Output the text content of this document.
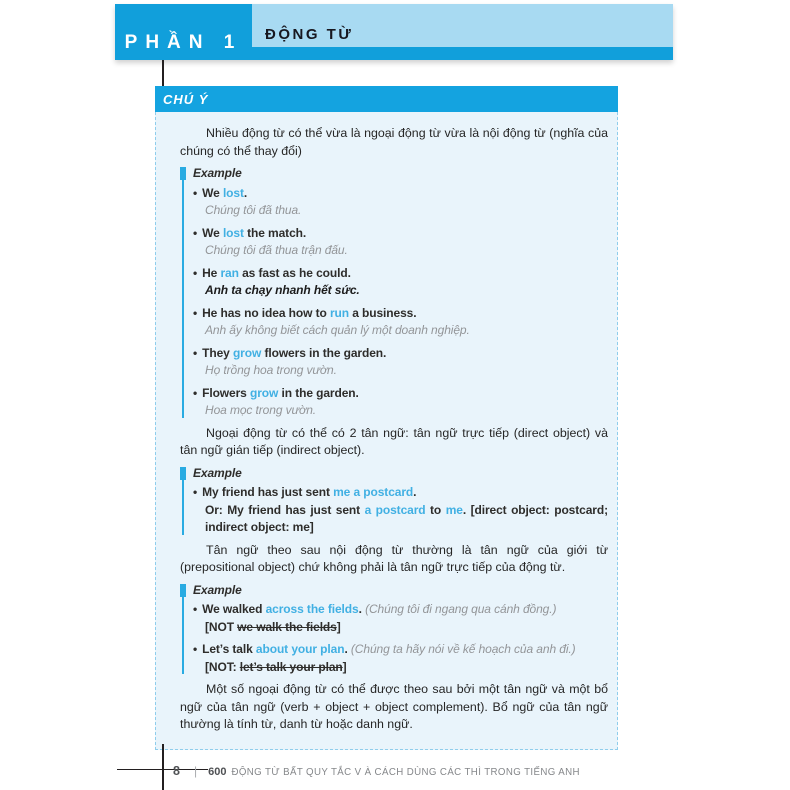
PHẦN 1 ĐỘNG TỪ
CHÚ Ý

Nhiều động từ có thể vừa là ngoại động từ vừa là nội động từ (nghĩa của chúng có thể thay đổi)

Example
• We lost.
Chúng tôi đã thua.
• We lost the match.
Chúng tôi đã thua trận đấu.
• He ran as fast as he could.
Anh ta chạy nhanh hết sức.
• He has no idea how to run a business.
Anh ấy không biết cách quản lý một doanh nghiệp.
• They grow flowers in the garden.
Họ trồng hoa trong vườn.
• Flowers grow in the garden.
Hoa mọc trong vườn.

Ngoại động từ có thể có 2 tân ngữ: tân ngữ trực tiếp (direct object) và tân ngữ gián tiếp (indirect object).

Example
• My friend has just sent me a postcard.
Or: My friend has just sent a postcard to me. [direct object: postcard; indirect object: me]

Tân ngữ theo sau nội động từ thường là tân ngữ của giới từ (prepositional object) chứ không phải là tân ngữ trực tiếp của động từ.

Example
• We walked across the fields. (Chúng tôi đi ngang qua cánh đồng.)
[NOT we walk the fields]
• Let’s talk about your plan. (Chúng ta hãy nói về kế hoạch của anh đi.)
[NOT: let’s talk your plan]

Một số ngoại động từ có thể được theo sau bởi một tân ngữ và một bổ ngữ của tân ngữ (verb + object + object complement). Bổ ngữ của tân ngữ thường là tính từ, danh từ hoặc danh ngữ.

8 | 600 ĐỘNG TỪ BẤT QUY TẮC V À CÁCH DÙNG CÁC THÌ TRONG TIẾNG ANH
